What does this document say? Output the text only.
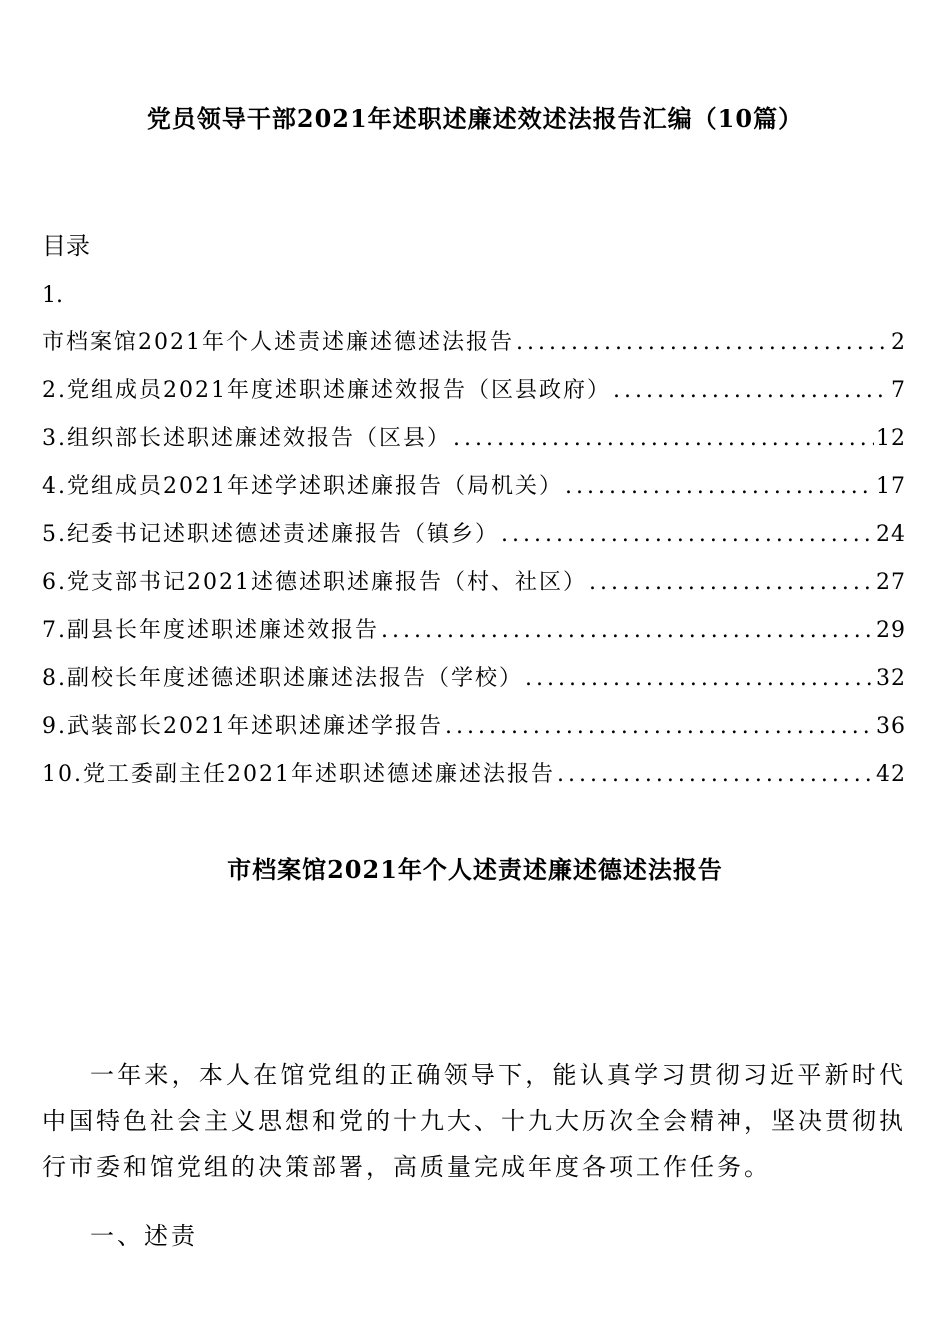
党员领导干部2021年述职述廉述效述法报告汇编（10篇）
目录
1.
市档案馆2021年个人述责述廉述德述法报告 .....	2
2.党组成员2021年度述职述廉述效报告（区县政府） .....	7
3.组织部长述职述廉述效报告（区县） .....	12
4.党组成员2021年述学述职述廉报告（局机关） .....	17
5.纪委书记述职述德述责述廉报告（镇乡） .....	24
6.党支部书记2021述德述职述廉报告（村、社区） .....	27
7.副县长年度述职述廉述效报告 .....	29
8.副校长年度述德述职述廉述法报告（学校） .....	32
9.武装部长2021年述职述廉述学报告 .....	36
10.党工委副主任2021年述职述德述廉述法报告 .....	42
市档案馆2021年个人述责述廉述德述法报告
一年来，本人在馆党组的正确领导下，能认真学习贯彻习近平新时代中国特色社会主义思想和党的十九大、十九大历次全会精神，坚决贯彻执行市委和馆党组的决策部署，高质量完成年度各项工作任务。
一、述责
